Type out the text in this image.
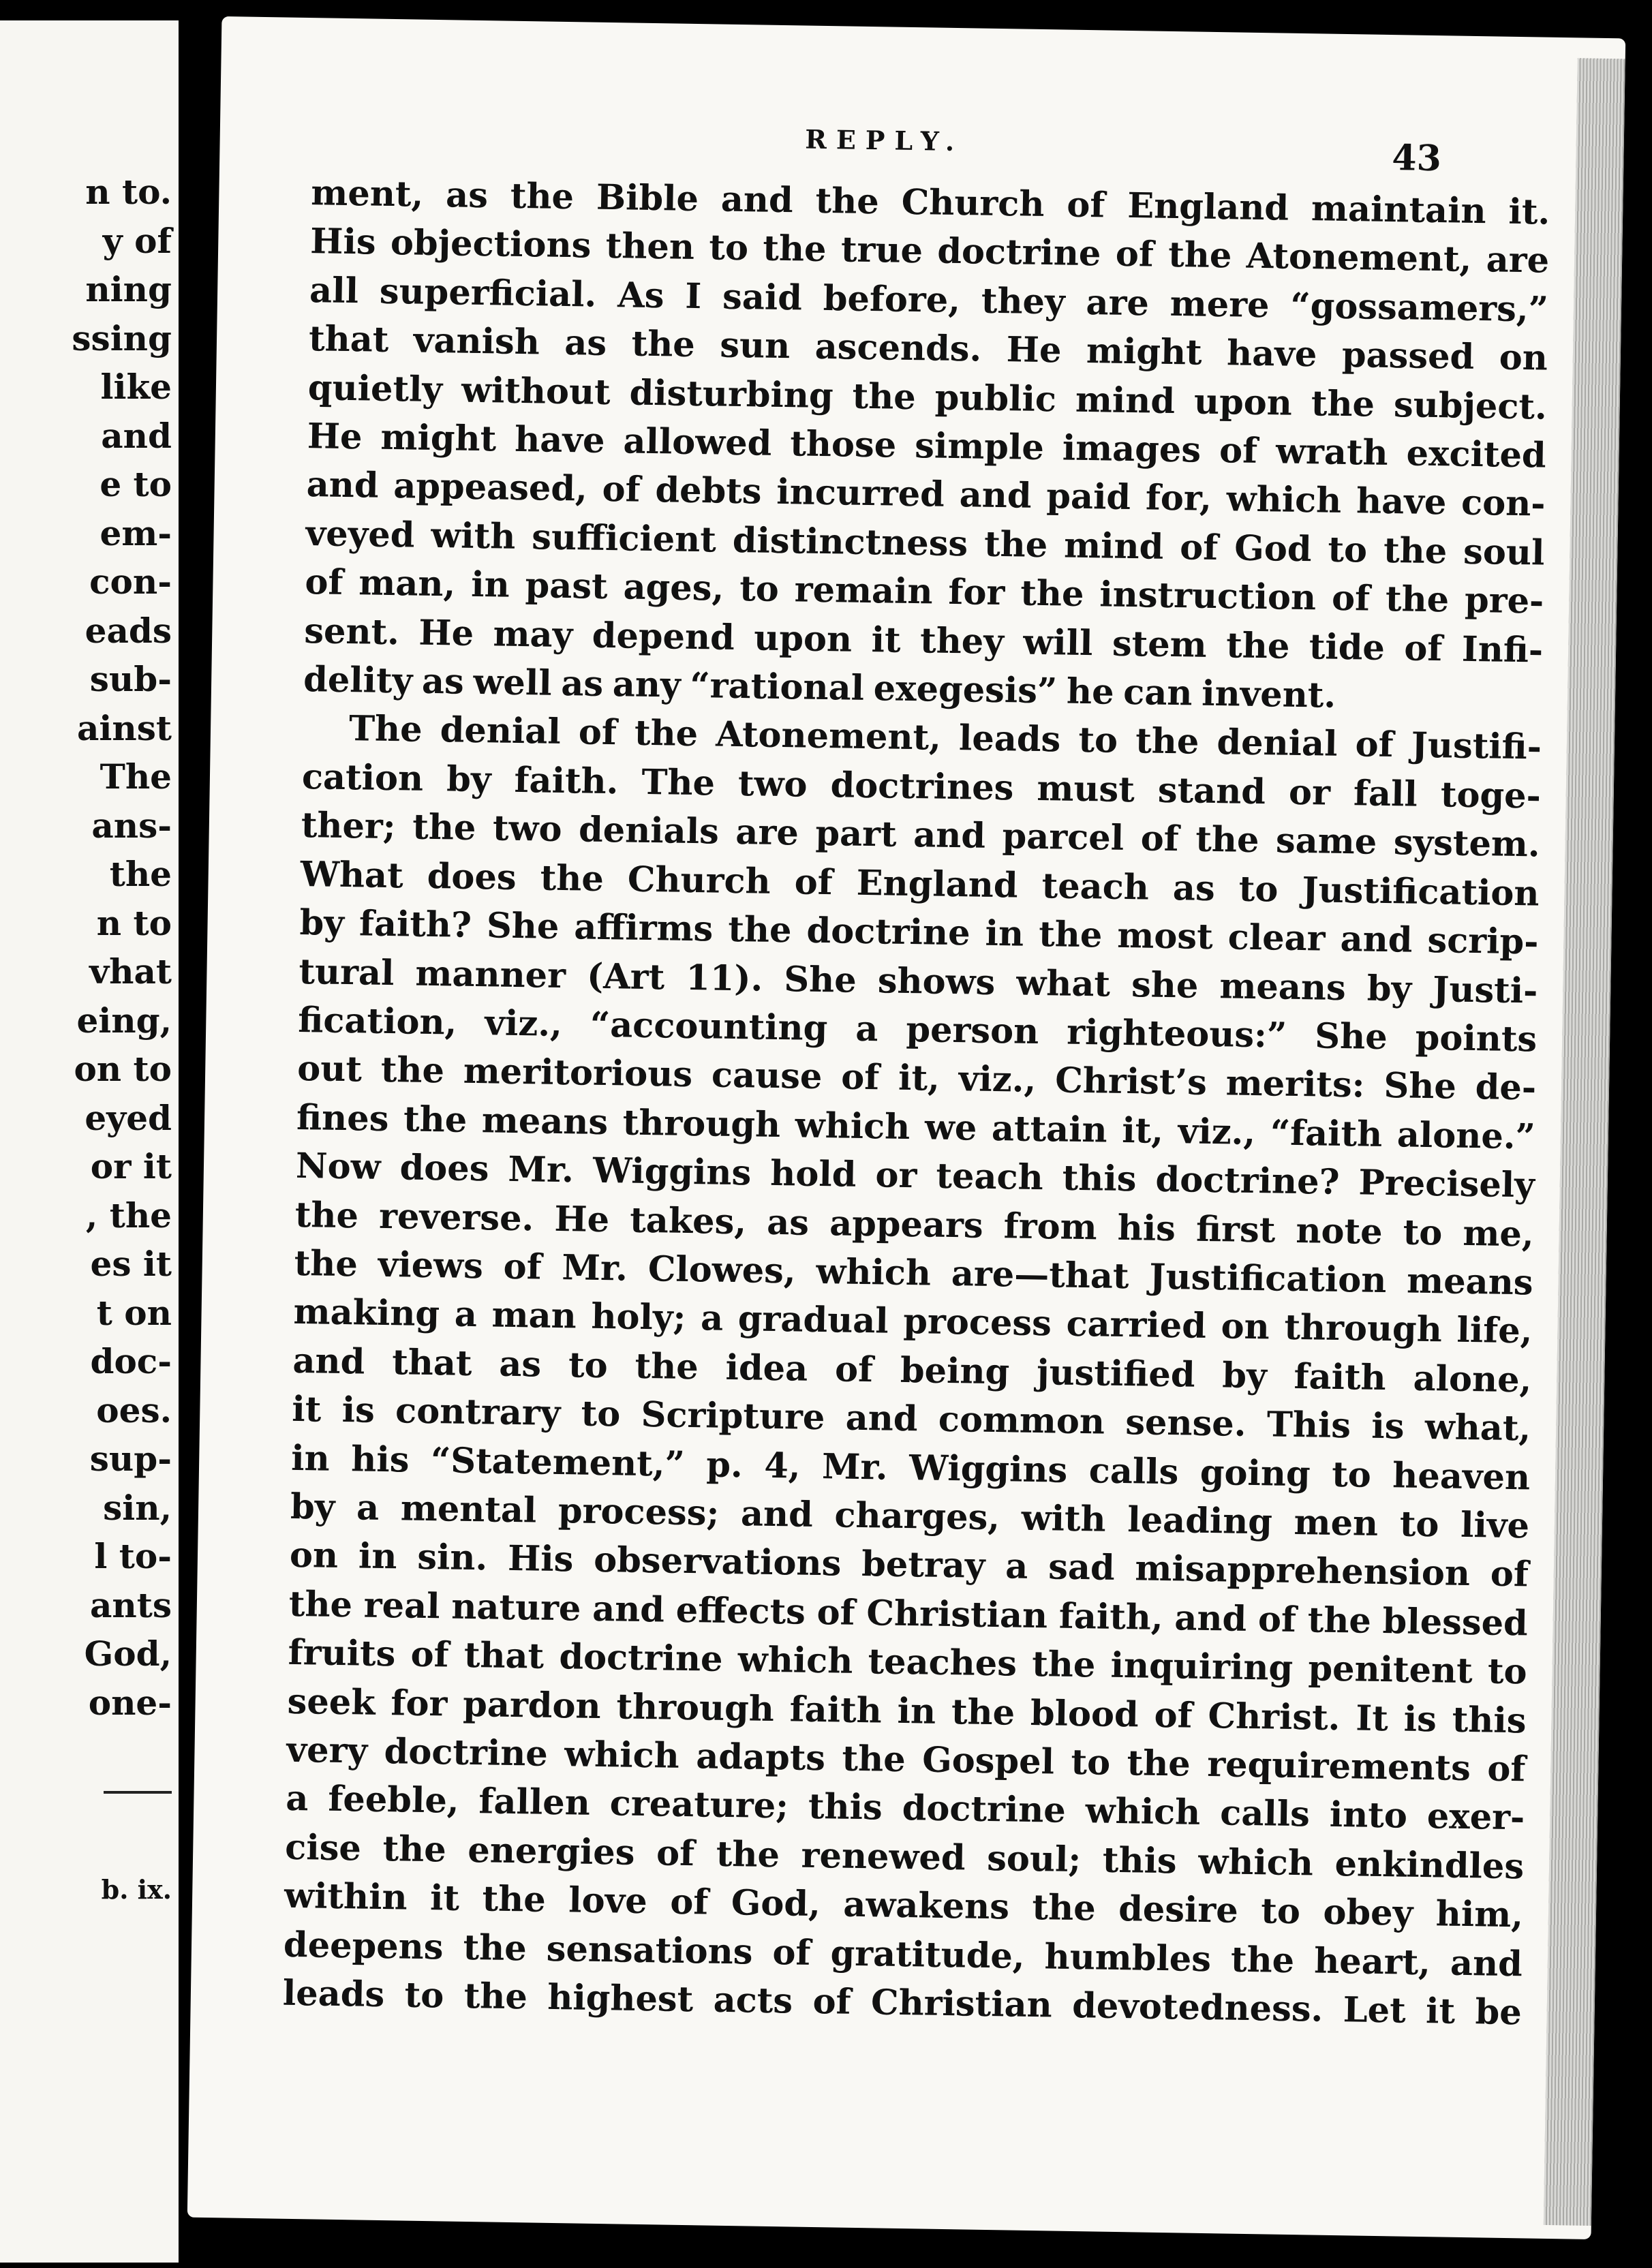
n to.
y of
ning
ssing
like
and
e to
em-
con-
eads
sub-
ainst
The
ans-
the
n to
vhat
eing,
on to
eyed
or it
, the
es it
t on
doc-
oes.
sup-
sin,
l to-
ants
God,
one-
b. ix.
REPLY.	43
ment, as the Bible and the Church of England maintain it.
His objections then to the true doctrine of the Atonement, are
all superficial. As I said before, they are mere “gossamers,”
that vanish as the sun ascends. He might have passed on
quietly without disturbing the public mind upon the subject.
He might have allowed those simple images of wrath excited
and appeased, of debts incurred and paid for, which have con-
veyed with sufficient distinctness the mind of God to the soul
of man, in past ages, to remain for the instruction of the pre-
sent. He may depend upon it they will stem the tide of Infi-
delity as well as any “rational exegesis” he can invent.
The denial of the Atonement, leads to the denial of Justifi-
cation by faith. The two doctrines must stand or fall toge-
ther; the two denials are part and parcel of the same system.
What does the Church of England teach as to Justification
by faith? She affirms the doctrine in the most clear and scrip-
tural manner (Art 11). She shows what she means by Justi-
fication, viz., “accounting a person righteous:” She points
out the meritorious cause of it, viz., Christ’s merits: She de-
fines the means through which we attain it, viz., “faith alone.”
Now does Mr. Wiggins hold or teach this doctrine? Precisely
the reverse. He takes, as appears from his first note to me,
the views of Mr. Clowes, which are—that Justification means
making a man holy; a gradual process carried on through life,
and that as to the idea of being justified by faith alone,
it is contrary to Scripture and common sense. This is what,
in his “Statement,” p. 4, Mr. Wiggins calls going to heaven
by a mental process; and charges, with leading men to live
on in sin. His observations betray a sad misapprehension of
the real nature and effects of Christian faith, and of the blessed
fruits of that doctrine which teaches the inquiring penitent to
seek for pardon through faith in the blood of Christ. It is this
very doctrine which adapts the Gospel to the requirements of
a feeble, fallen creature; this doctrine which calls into exer-
cise the energies of the renewed soul; this which enkindles
within it the love of God, awakens the desire to obey him,
deepens the sensations of gratitude, humbles the heart, and
leads to the highest acts of Christian devotedness. Let it be
